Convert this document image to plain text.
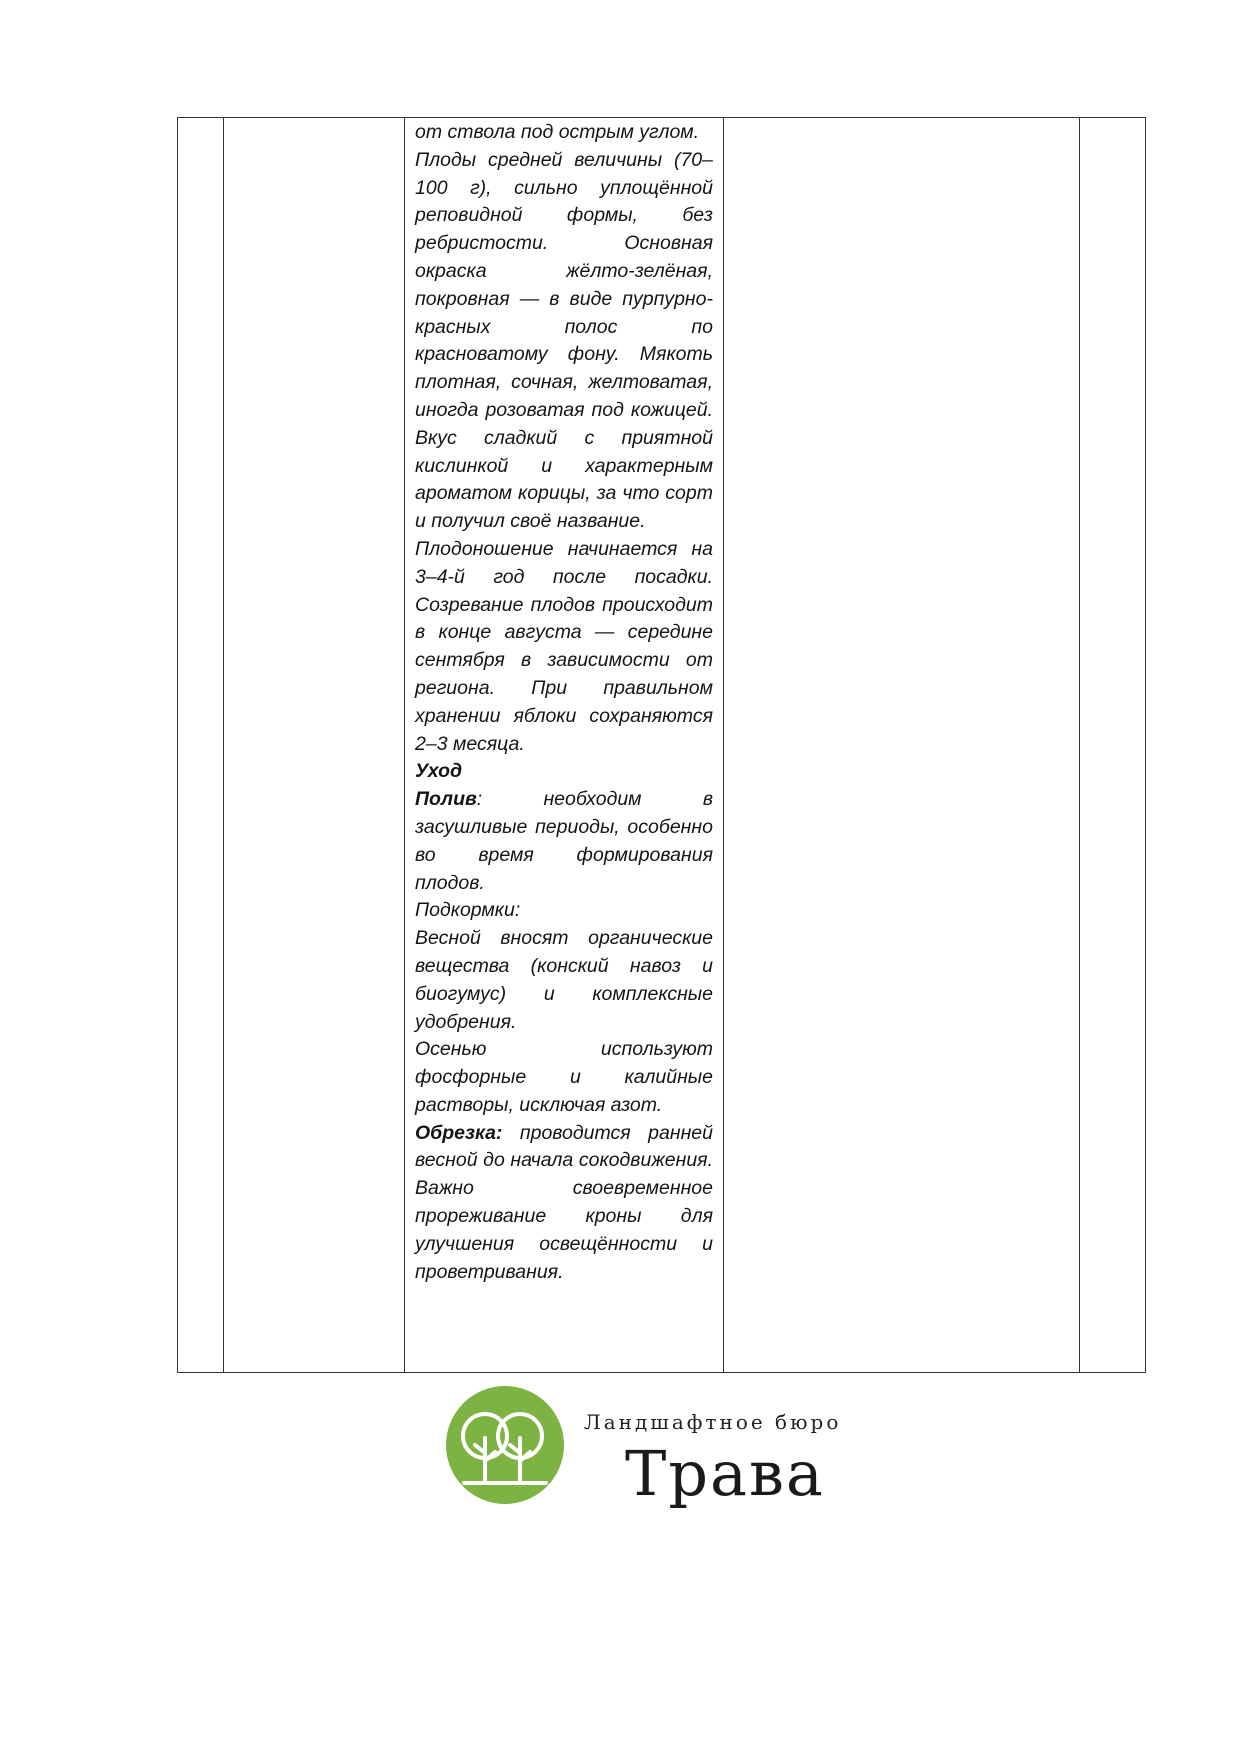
от ствола под острым углом.

Плоды средней величины (70–100 г), сильно уплощённой реповидной формы, без ребристости. Основная окраска жёлто-зелёная, покровная — в виде пурпурно-красных полос по красноватому фону. Мякоть плотная, сочная, желтоватая, иногда розоватая под кожицей. Вкус сладкий с приятной кислинкой и характерным ароматом корицы, за что сорт и получил своё название.

Плодоношение начинается на 3–4-й год после посадки. Созревание плодов происходит в конце августа — середине сентября в зависимости от региона. При правильном хранении яблоки сохраняются 2–3 месяца.

Уход

Полив: необходим в засушливые периоды, особенно во время формирования плодов.

Подкормки:

Весной вносят органические вещества (конский навоз и биогумус) и комплексные удобрения.

Осенью используют фосфорные и калийные растворы, исключая азот.

Обрезка: проводится ранней весной до начала сокодвижения. Важно своевременное прореживание кроны для улучшения освещённости и проветривания.

Ландшафтное бюро
Трава
